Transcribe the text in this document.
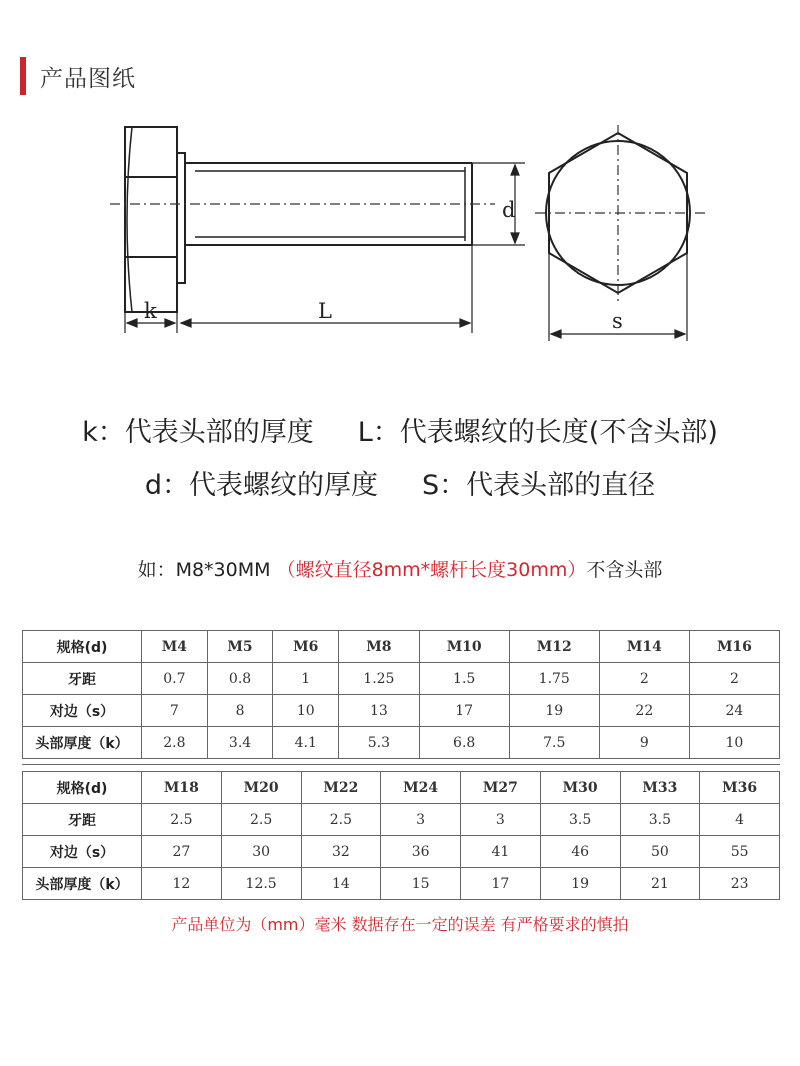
产品图纸
d
k	L	s
k：代表头部的厚度 L：代表螺纹的长度(不含头部)
d：代表螺纹的厚度 S：代表头部的直径
如：M8*30MM （螺纹直径8mm*螺杆长度30mm）不含头部
规格(d)	M4	M5	M6	M8	M10	M12	M14	M16
牙距	0.7	0.8	1	1.25	1.5	1.75	2	2
对边（s）	7	8	10	13	17	19	22	24
头部厚度（k）	2.8	3.4	4.1	5.3	6.8	7.5	9	10
规格(d)	M18	M20	M22	M24	M27	M30	M33	M36
牙距	2.5	2.5	2.5	3	3	3.5	3.5	4
对边（s）	27	30	32	36	41	46	50	55
头部厚度（k）	12	12.5	14	15	17	19	21	23
产品单位为（mm）毫米 数据存在一定的误差 有严格要求的慎拍
